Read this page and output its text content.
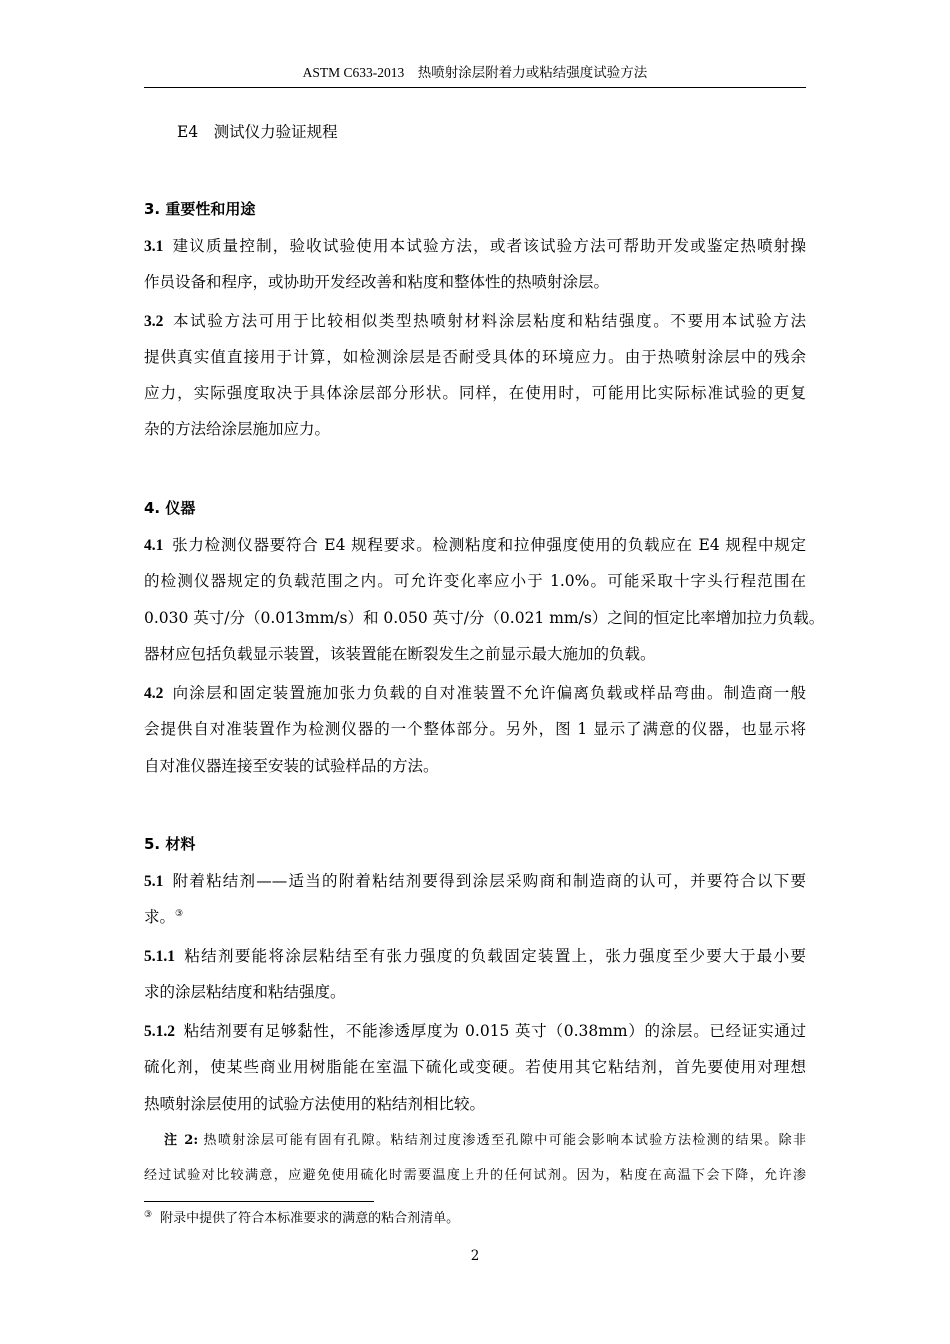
ASTM C633-2013　热喷射涂层附着力或粘结强度试验方法
E4　测试仪力验证规程
3. 重要性和用途
3.1 建议质量控制，验收试验使用本试验方法，或者该试验方法可帮助开发或鉴定热喷射操
作员设备和程序，或协助开发经改善和粘度和整体性的热喷射涂层。
3.2 本试验方法可用于比较相似类型热喷射材料涂层粘度和粘结强度。不要用本试验方法
提供真实值直接用于计算，如检测涂层是否耐受具体的环境应力。由于热喷射涂层中的残余
应力，实际强度取决于具体涂层部分形状。同样，在使用时，可能用比实际标准试验的更复
杂的方法给涂层施加应力。
4. 仪器
4.1 张力检测仪器要符合 E4 规程要求。检测粘度和拉伸强度使用的负载应在 E4 规程中规定
的检测仪器规定的负载范围之内。可允许变化率应小于 1.0%。可能采取十字头行程范围在
0.030 英寸/分（0.013mm/s）和 0.050 英寸/分（0.021 mm/s）之间的恒定比率增加拉力负载。
器材应包括负载显示装置，该装置能在断裂发生之前显示最大施加的负载。
4.2 向涂层和固定装置施加张力负载的自对准装置不允许偏离负载或样品弯曲。制造商一般
会提供自对准装置作为检测仪器的一个整体部分。另外，图 1 显示了满意的仪器，也显示将
自对准仪器连接至安装的试验样品的方法。
5. 材料
5.1 附着粘结剂——适当的附着粘结剂要得到涂层采购商和制造商的认可，并要符合以下要
求。③
5.1.1 粘结剂要能将涂层粘结至有张力强度的负载固定装置上，张力强度至少要大于最小要
求的涂层粘结度和粘结强度。
5.1.2 粘结剂要有足够黏性，不能渗透厚度为 0.015 英寸（0.38mm）的涂层。已经证实通过
硫化剂，使某些商业用树脂能在室温下硫化或变硬。若使用其它粘结剂，首先要使用对理想
热喷射涂层使用的试验方法使用的粘结剂相比较。
注 2: 热喷射涂层可能有固有孔隙。粘结剂过度渗透至孔隙中可能会影响本试验方法检测的结果。除非
经过试验对比较满意，应避免使用硫化时需要温度上升的任何试剂。因为，粘度在高温下会下降，允许渗
③ 附录中提供了符合本标准要求的满意的粘合剂清单。
2
